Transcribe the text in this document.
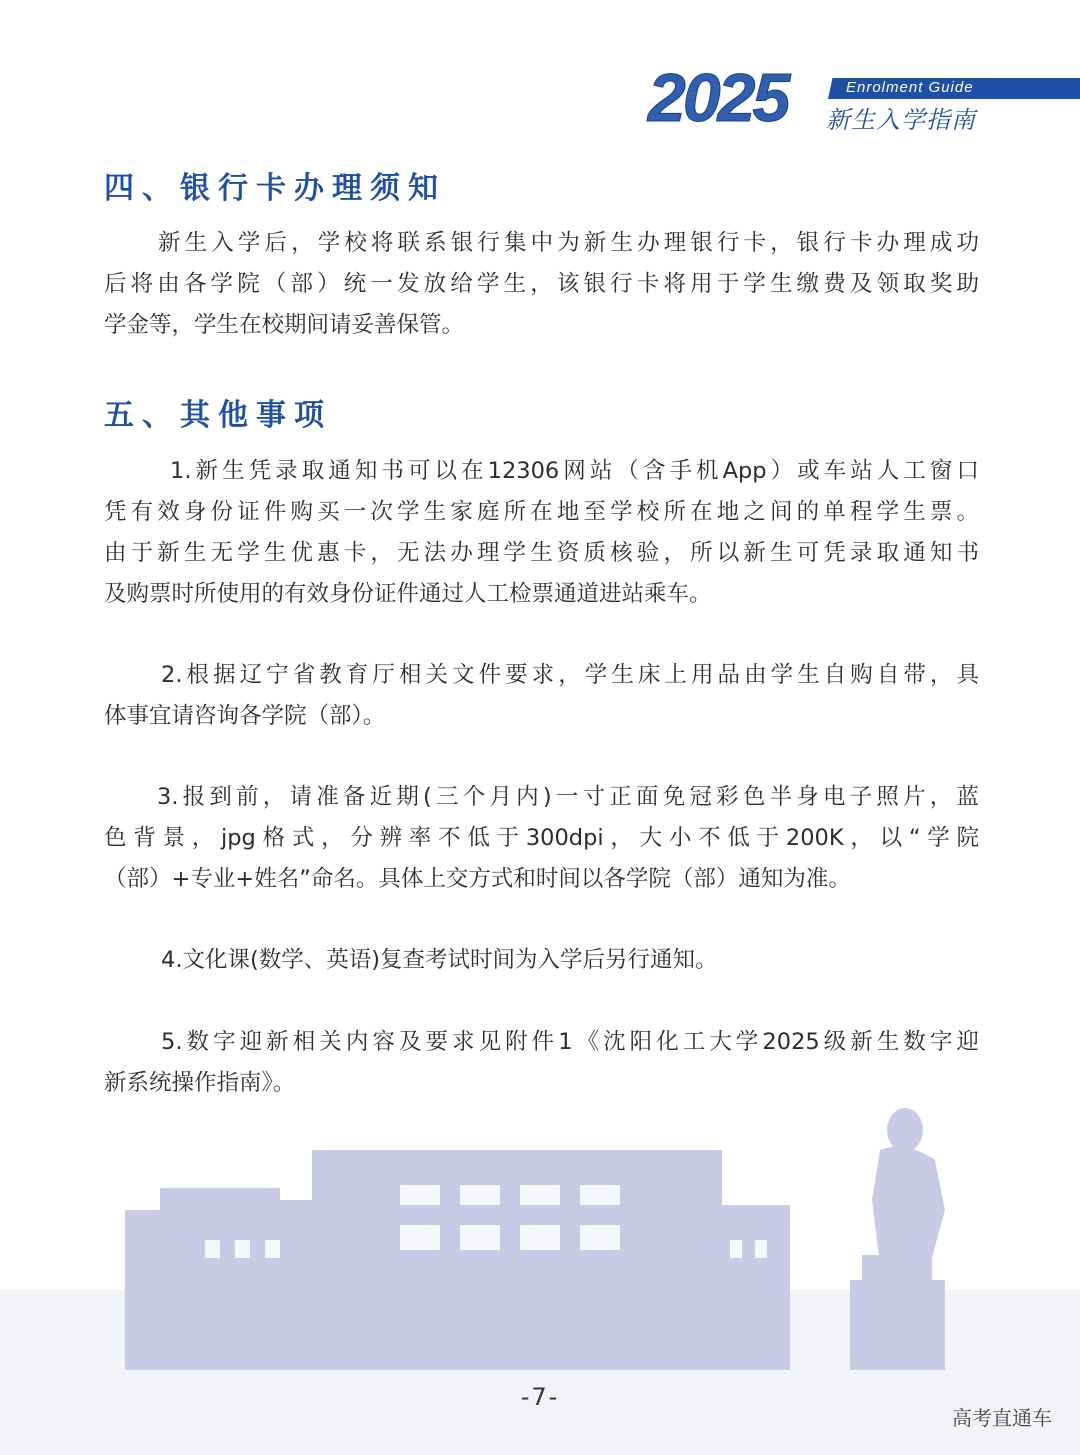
2025	Enrolment Guide
新生入学指南
四、银行卡办理须知
新生入学后，学校将联系银行集中为新生办理银行卡，银行卡办理成功
后将由各学院（部）统一发放给学生，该银行卡将用于学生缴费及领取奖助
学金等，学生在校期间请妥善保管。
五、其他事项
1.新生凭录取通知书可以在12306网站（含手机App）或车站人工窗口
凭有效身份证件购买一次学生家庭所在地至学校所在地之间的单程学生票。
由于新生无学生优惠卡，无法办理学生资质核验，所以新生可凭录取通知书
及购票时所使用的有效身份证件通过人工检票通道进站乘车。
2.根据辽宁省教育厅相关文件要求，学生床上用品由学生自购自带，具
体事宜请咨询各学院（部）。
3.报到前，请准备近期(三个月内)一寸正面免冠彩色半身电子照片，蓝
色背景，jpg格式，分辨率不低于300dpi，大小不低于200K，以“学院
（部）+专业+姓名”命名。具体上交方式和时间以各学院（部）通知为准。
4.文化课(数学、英语)复查考试时间为入学后另行通知。
5.数字迎新相关内容及要求见附件1《沈阳化工大学2025级新生数字迎
新系统操作指南》。
-7-
高考直通车
